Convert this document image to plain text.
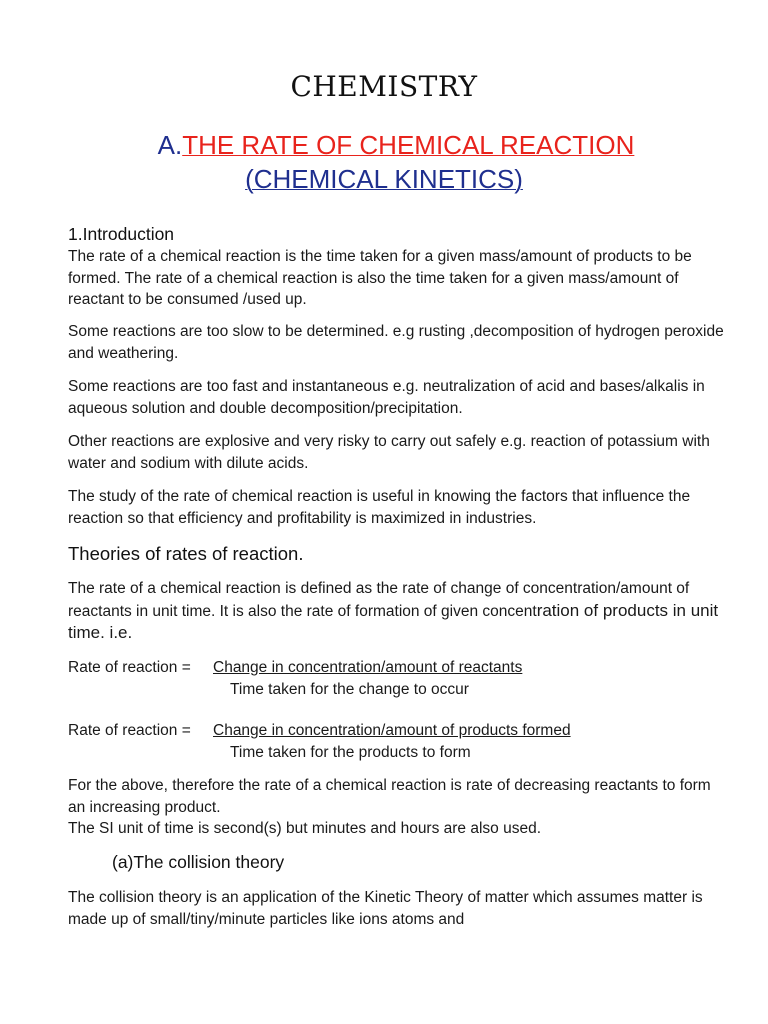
CHEMISTRY
A.THE RATE OF CHEMICAL REACTION
(CHEMICAL KINETICS)
1.Introduction
The rate of a chemical reaction is the time taken for a given mass/amount of products to be formed. The rate of a chemical reaction is also the time taken for a given mass/amount of reactant to be consumed /used up.
Some reactions are too slow to be determined. e.g rusting ,decomposition of hydrogen peroxide and weathering.
Some reactions are too fast and instantaneous e.g. neutralization of acid and bases/alkalis in aqueous solution and double decomposition/precipitation.
Other reactions are explosive and very risky to carry out safely e.g. reaction of potassium with water and sodium with dilute acids.
The study of the rate of chemical reaction is useful in knowing the factors that influence the reaction so that efficiency and profitability is maximized in industries.
Theories of rates of reaction.
The rate of a chemical reaction is defined as the rate of change of concentration/amount of reactants in unit time. It is also the rate of formation of given concentration of products in unit time. i.e.
Rate of reaction =Change in concentration/amount of reactants
Time taken for the change to occur
Rate of reaction =Change in concentration/amount of products formed
Time taken for the products to form
For the above, therefore the rate of a chemical reaction is rate of decreasing reactants to form an increasing product.
The SI unit of time is second(s) but minutes and hours are also used.
(a)The collision theory
The collision theory is an application of the Kinetic Theory of matter which assumes matter is made up of small/tiny/minute particles like ions atoms and
